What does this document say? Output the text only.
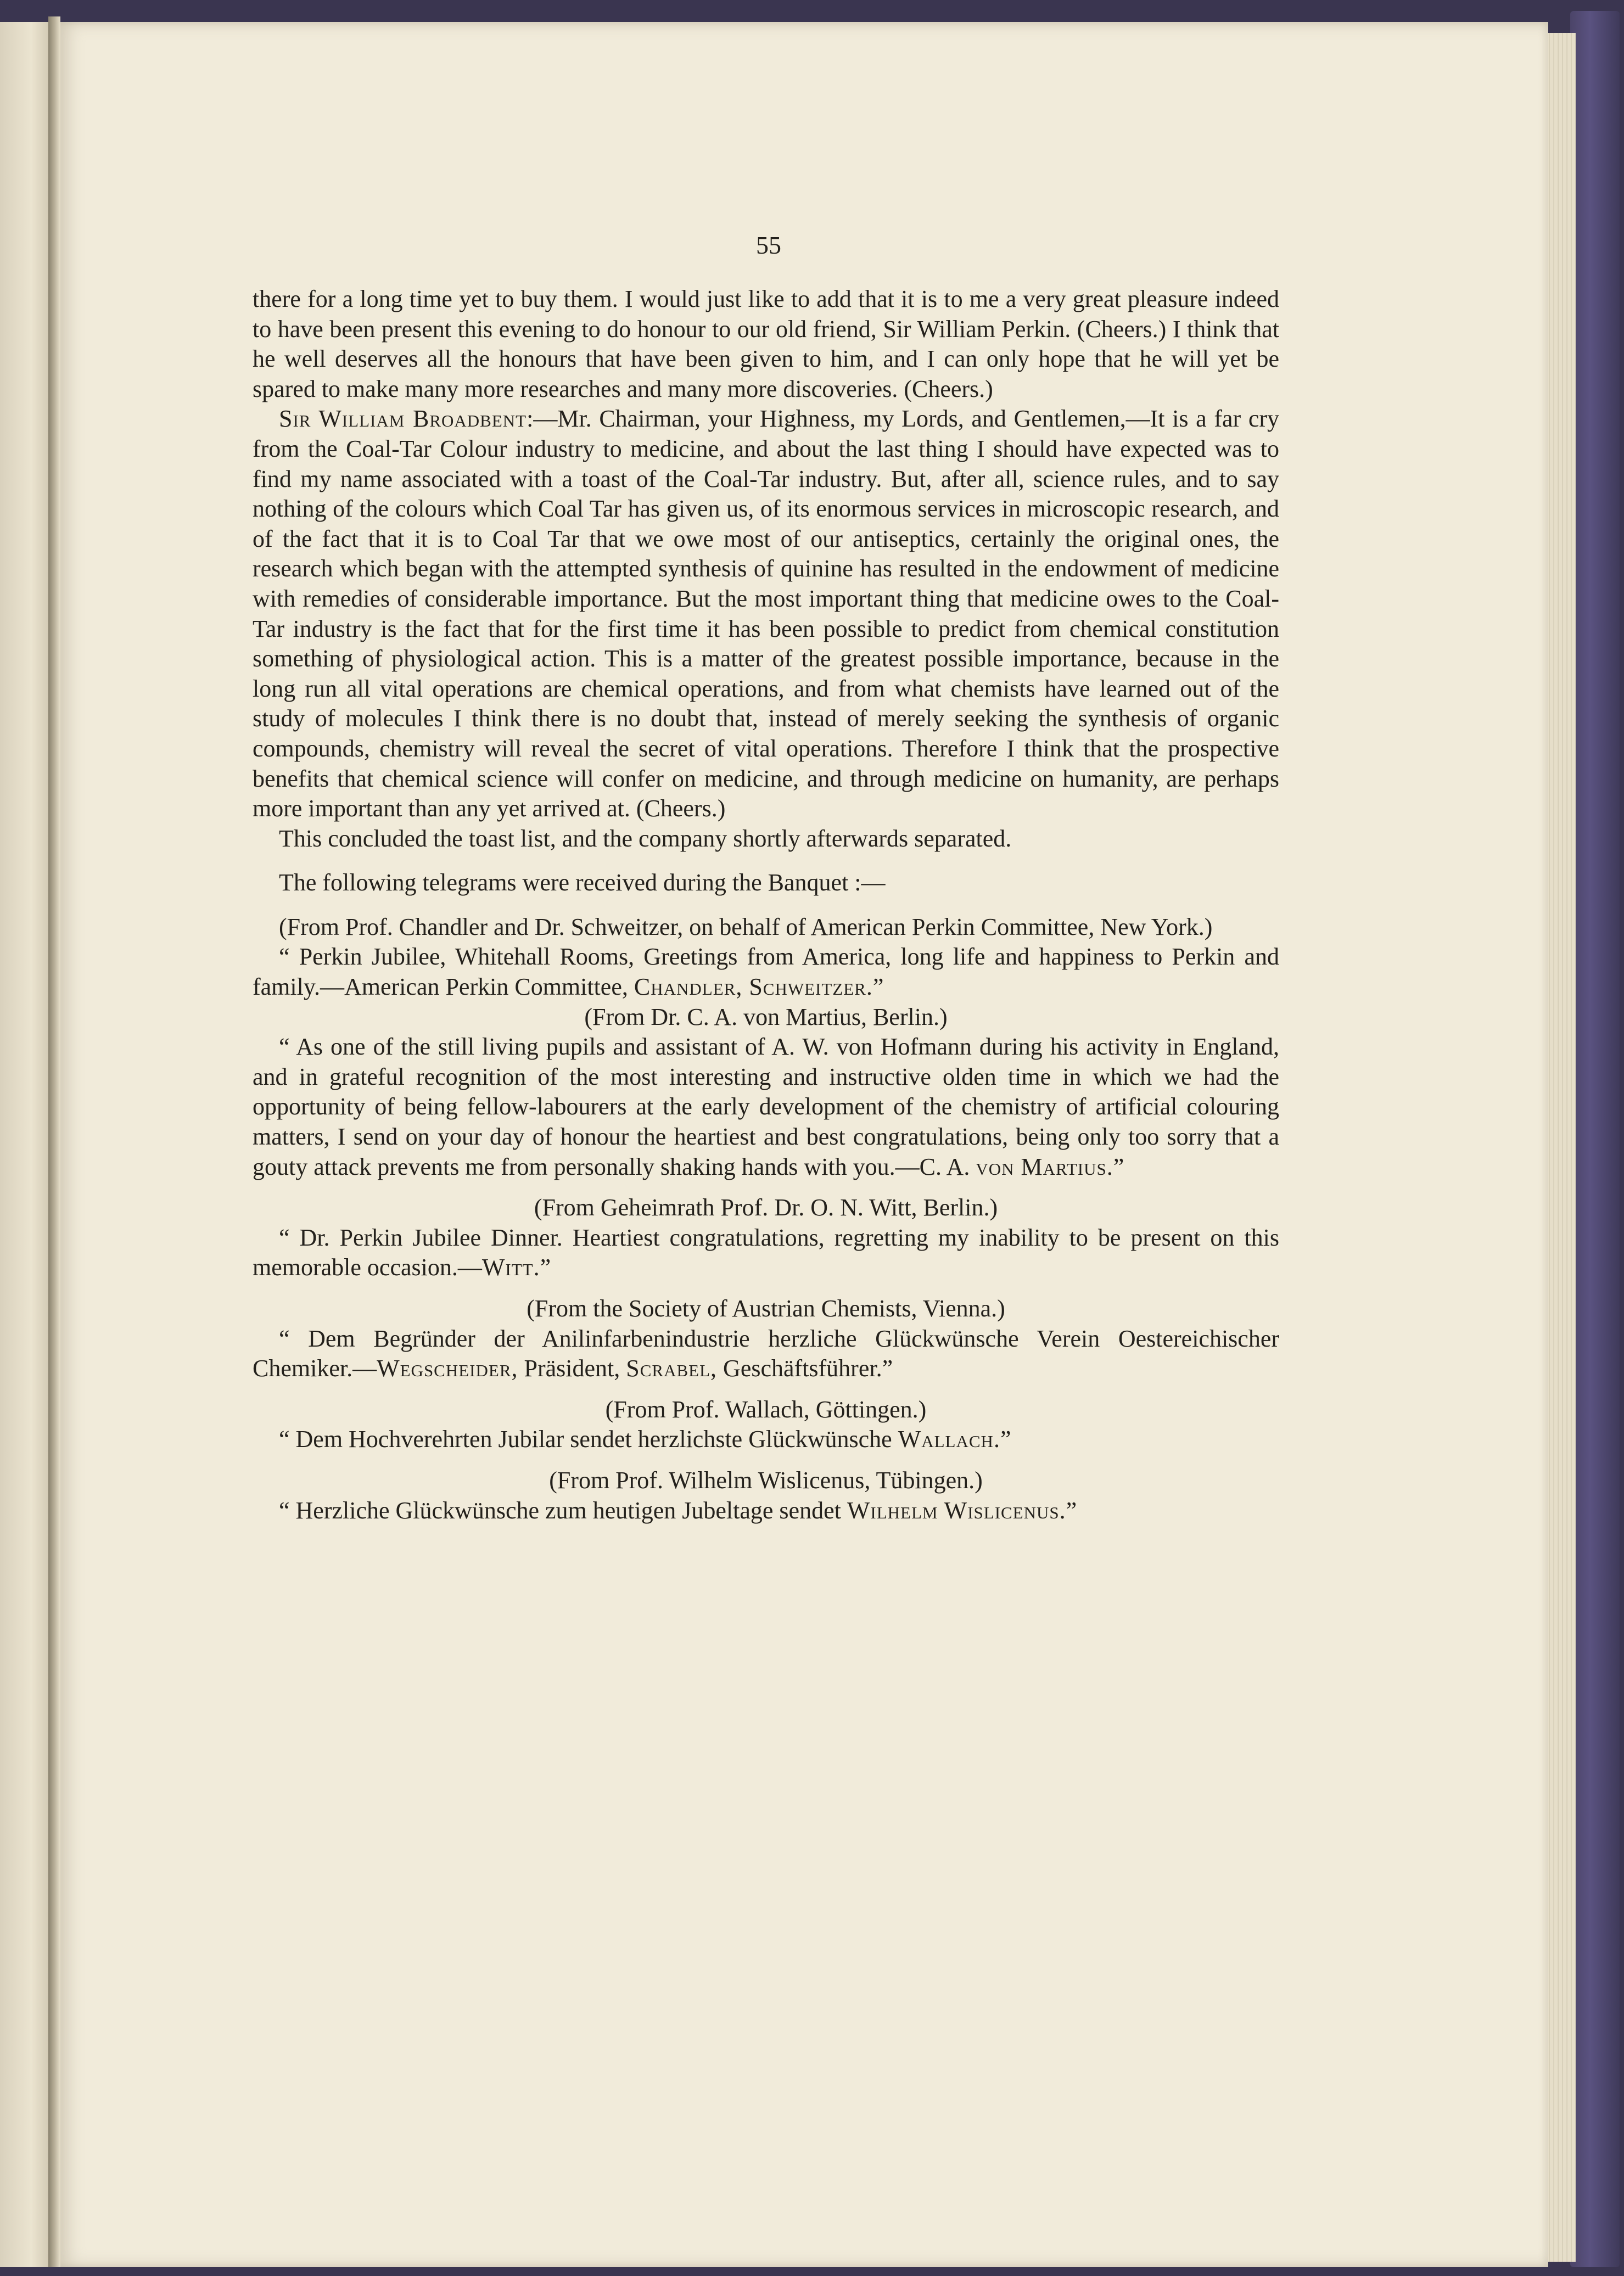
55

there for a long time yet to buy them. I would just like to add that it is to me a very great pleasure indeed to have been present this evening to do honour to our old friend, Sir William Perkin. (Cheers.) I think that he well deserves all the honours that have been given to him, and I can only hope that he will yet be spared to make many more researches and many more discoveries. (Cheers.)

Sir William Broadbent:—Mr. Chairman, your Highness, my Lords, and Gentlemen,—It is a far cry from the Coal-Tar Colour industry to medicine, and about the last thing I should have expected was to find my name associated with a toast of the Coal-Tar industry. But, after all, science rules, and to say nothing of the colours which Coal Tar has given us, of its enormous services in microscopic research, and of the fact that it is to Coal Tar that we owe most of our antiseptics, certainly the original ones, the research which began with the attempted synthesis of quinine has resulted in the endowment of medicine with remedies of considerable importance. But the most important thing that medicine owes to the Coal-Tar industry is the fact that for the first time it has been possible to predict from chemical constitution something of physiological action. This is a matter of the greatest possible importance, because in the long run all vital operations are chemical operations, and from what chemists have learned out of the study of molecules I think there is no doubt that, instead of merely seeking the synthesis of organic compounds, chemistry will reveal the secret of vital operations. Therefore I think that the prospective benefits that chemical science will confer on medicine, and through medicine on humanity, are perhaps more important than any yet arrived at. (Cheers.)

This concluded the toast list, and the company shortly afterwards separated.

The following telegrams were received during the Banquet :—

(From Prof. Chandler and Dr. Schweitzer, on behalf of American Perkin Committee, New York.)

“ Perkin Jubilee, Whitehall Rooms, Greetings from America, long life and happiness to Perkin and family.—American Perkin Committee, Chandler, Schweitzer.”

(From Dr. C. A. von Martius, Berlin.)

“ As one of the still living pupils and assistant of A. W. von Hofmann during his activity in England, and in grateful recognition of the most interesting and instructive olden time in which we had the opportunity of being fellow-labourers at the early development of the chemistry of artificial colouring matters, I send on your day of honour the heartiest and best congratulations, being only too sorry that a gouty attack prevents me from personally shaking hands with you.—C. A. von Martius.”

(From Geheimrath Prof. Dr. O. N. Witt, Berlin.)

“ Dr. Perkin Jubilee Dinner. Heartiest congratulations, regretting my inability to be present on this memorable occasion.—Witt.”

(From the Society of Austrian Chemists, Vienna.)

“ Dem Begründer der Anilinfarbenindustrie herzliche Glückwünsche Verein Oestereichischer Chemiker.—Wegscheider, Präsident, Scrabel, Geschäftsführer.”

(From Prof. Wallach, Göttingen.)

“ Dem Hochverehrten Jubilar sendet herzlichste Glückwünsche Wallach.”

(From Prof. Wilhelm Wislicenus, Tübingen.)

“ Herzliche Glückwünsche zum heutigen Jubeltage sendet Wilhelm Wislicenus.”
